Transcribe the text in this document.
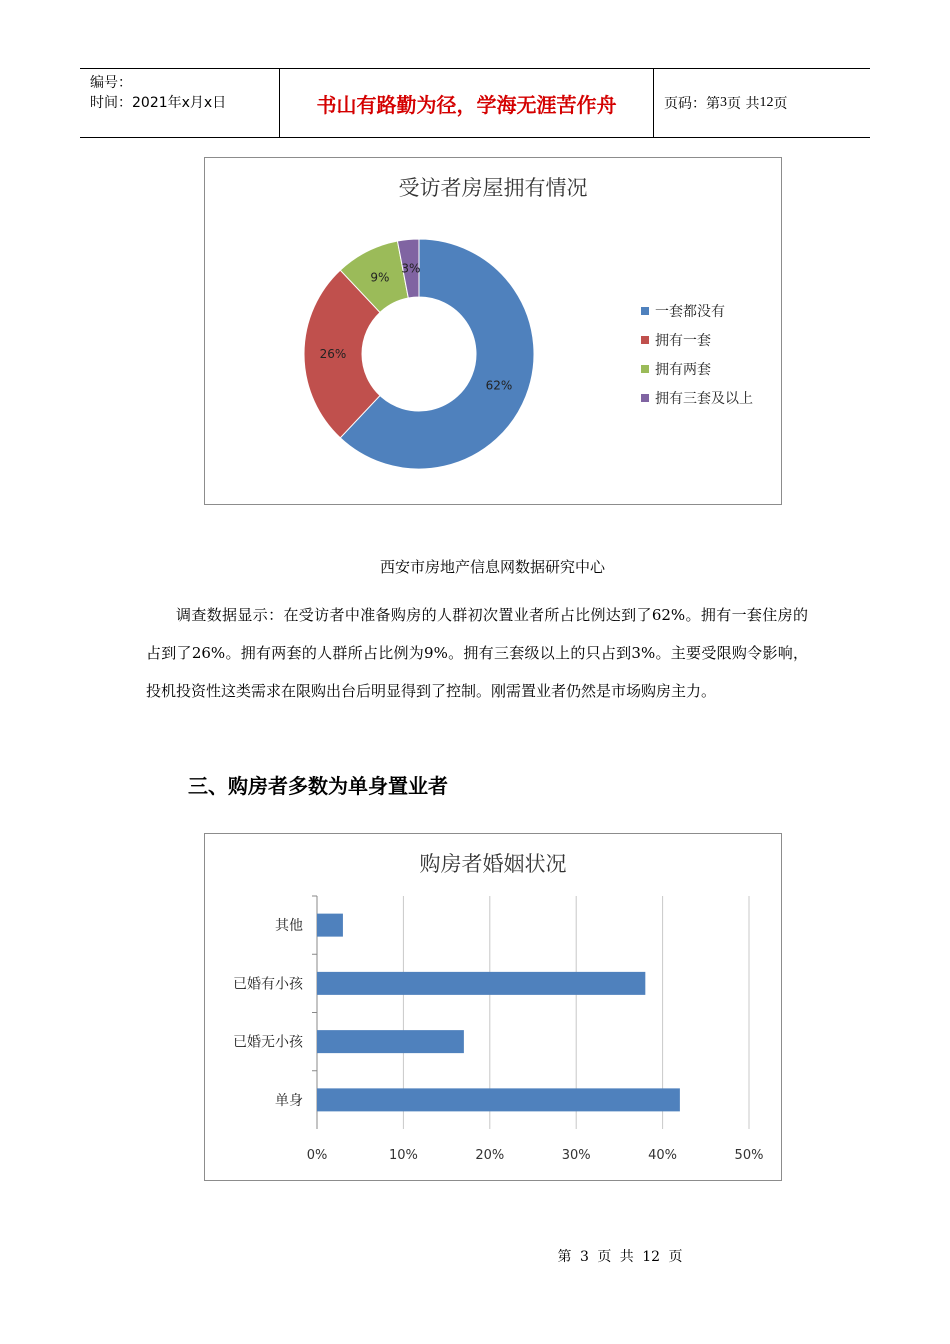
编号：
时间：2021年x月x日	书山有路勤为径，学海无涯苦作舟	页码：第 3 页 共 12 页
受访者房屋拥有情况
62%
26%
9%
3%
一套都没有
拥有一套
拥有两套
拥有三套及以上
西安市房地产信息网数据研究中心
调查数据显示：在受访者中准备购房的人群初次置业者所占比例达到了62%。拥有一套住房的占到了26%。拥有两套的人群所占比例为9%。拥有三套级以上的只占到3%。主要受限购令影响，投机投资性这类需求在限购出台后明显得到了控制。刚需置业者仍然是市场购房主力。
三、购房者多数为单身置业者
购房者婚姻状况
0%	10%	20%	30%	40%	50%
其他
已婚有小孩
已婚无小孩
单身
第 3 页 共 12 页
